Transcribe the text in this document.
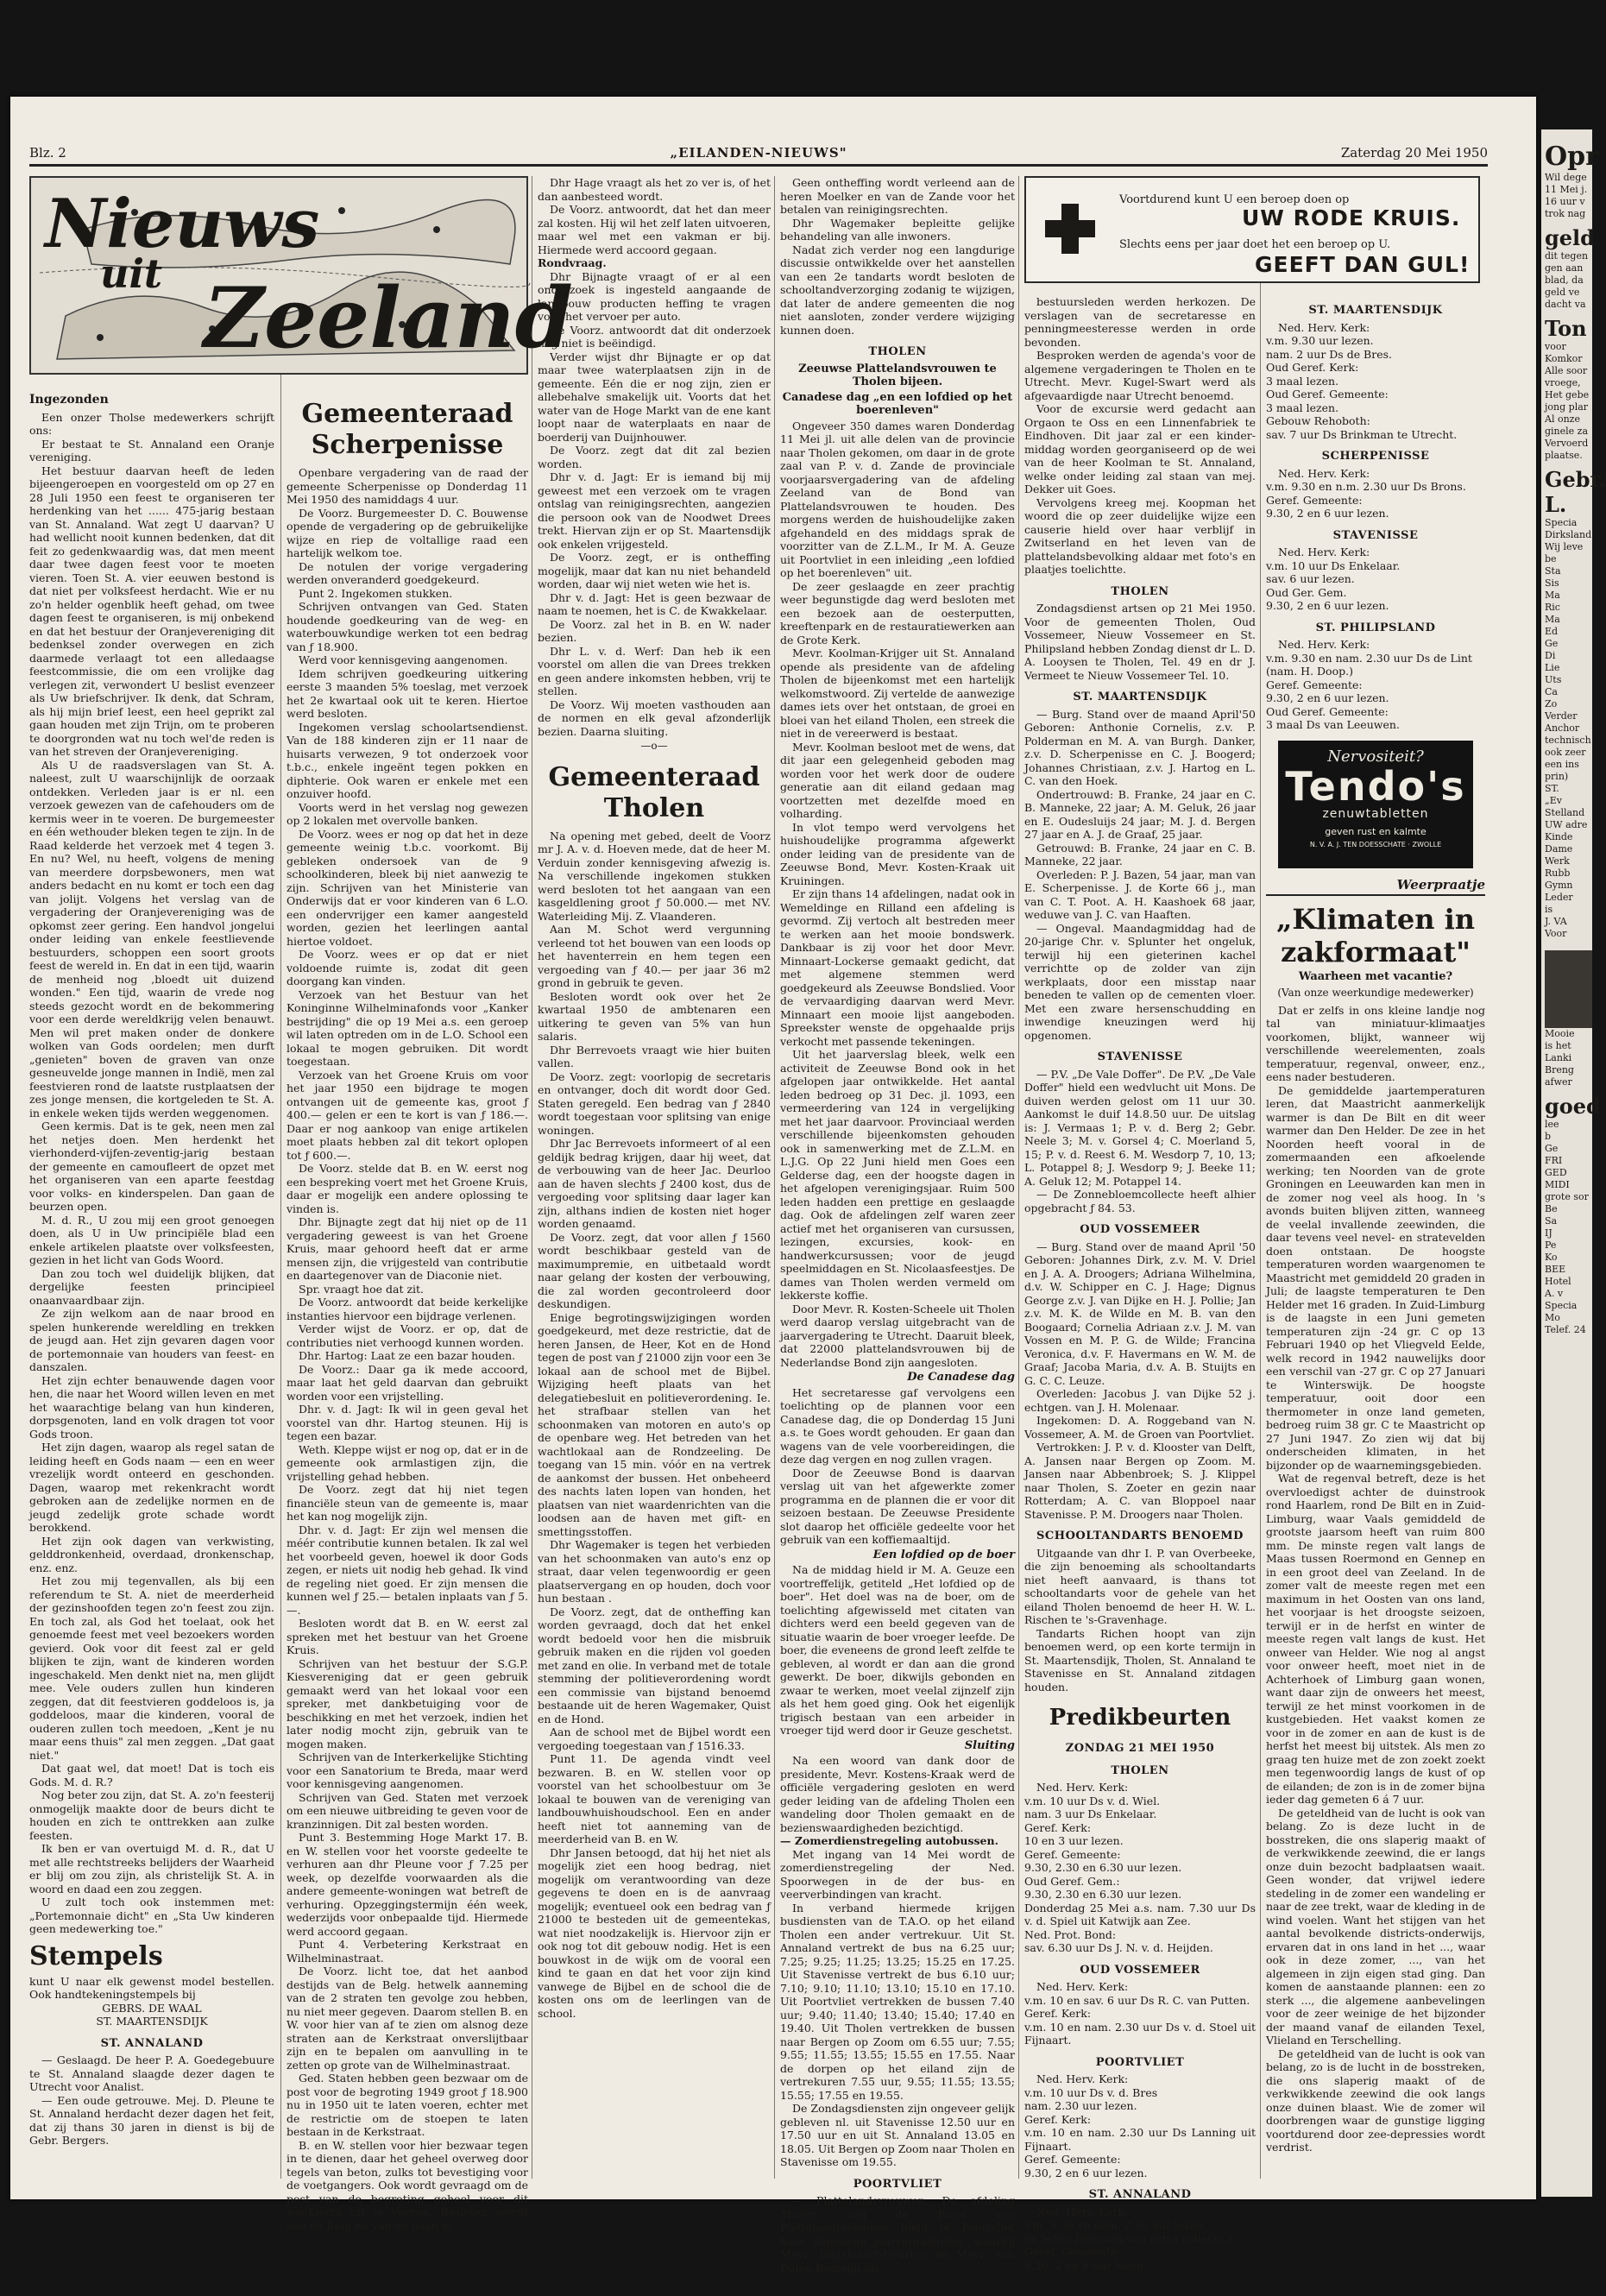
Blz. 2	„EILANDEN-NIEUWS"	Zaterdag 20 Mei 1950
Nieuws
uit Zeeland
Ingezonden

Een onzer Tholse medewerkers schrijft ons:

Er bestaat te St. Annaland een Oranje vereniging.

Het bestuur daarvan heeft de leden bijeengeroepen en voorgesteld om op 27 en 28 Juli 1950 een feest te organiseren ter herdenking van het ...... 475-jarig bestaan van St. Annaland. Wat zegt U daarvan? U had wellicht nooit kunnen bedenken, dat dit feit zo gedenkwaardig was, dat men meent daar twee dagen feest voor te moeten vieren. Toen St. A. vier eeuwen bestond is dat niet per volksfeest herdacht. Wie er nu zo'n helder ogenblik heeft gehad, om twee dagen feest te organiseren, is mij onbekend en dat het bestuur der Oranjevereniging dit bedenksel zonder overwegen en zich daarmede verlaagt tot een alledaagse feestcommissie, die om een vrolijke dag verlegen zit, verwondert U beslist evenzeer als Uw briefschrijver. Ik denk, dat Schram, als hij mijn brief leest, een heel geprikt zal gaan houden met zijn Trijn, om te proberen te doorgronden wat nu toch wel'de reden is van het streven der Oranjevereniging.

Als U de raadsverslagen van St. A. naleest, zult U waarschijnlijk de oorzaak ontdekken. Verleden jaar is er nl. een verzoek gewezen van de cafehouders om de kermis weer in te voeren. De burgemeester en één wethouder bleken tegen te zijn. In de Raad kelderde het verzoek met 4 tegen 3. En nu? Wel, nu heeft, volgens de mening van meerdere dorpsbewoners, men wat anders bedacht en nu komt er toch een dag van jolijt. Volgens het verslag van de vergadering der Oranjevereniging was de opkomst zeer gering. Een handvol jongelui onder leiding van enkele feestlievende bestuurders, schoppen een soort groots feest de wereld in. En dat in een tijd, waarin de menheid nog ,bloedt uit duizend wonden." Een tijd, waarin de vrede nog steeds gezocht wordt en de bekommering voor een derde wereldkrijg velen benauwt. Men wil pret maken onder de donkere wolken van Gods oordelen; men durft „genieten" boven de graven van onze gesneuvelde jonge mannen in Indië, men zal feestvieren rond de laatste rustplaatsen der zes jonge mensen, die kortgeleden te St. A. in enkele weken tijds werden weggenomen.

Geen kermis. Dat is te gek, neen men zal het netjes doen. Men herdenkt het vierhonderd-vijfen-zeventig-jarig bestaan der gemeente en camoufleert de opzet met het organiseren van een aparte feestdag voor volks- en kinderspelen. Dan gaan de beurzen open.

M. d. R., U zou mij een groot genoegen doen, als U in Uw principiële blad een enkele artikelen plaatste over volksfeesten, gezien in het licht van Gods Woord.

Dan zou toch wel duidelijk blijken, dat dergelijke feesten principieel onaanvaardbaar zijn.

Ze zijn welkom aan de naar brood en spelen hunkerende wereldling en trekken de jeugd aan. Het zijn gevaren dagen voor de portemonnaie van houders van feest- en danszalen.

Het zijn echter benauwende dagen voor hen, die naar het Woord willen leven en met het waarachtige belang van hun kinderen, dorpsgenoten, land en volk dragen tot voor Gods troon.

Het zijn dagen, waarop als regel satan de leiding heeft en Gods naam — een en weer vrezelijk wordt onteerd en geschonden. Dagen, waarop met rekenkracht wordt gebroken aan de zedelijke normen en de jeugd zedelijk grote schade wordt berokkend.

Het zijn ook dagen van verkwisting, gelddronkenheid, overdaad, dronkenschap, enz. enz.

Het zou mij tegenvallen, als bij een referendum te St. A. niet de meerderheid der gezinshoofden tegen zo'n feest zou zijn. En toch zal, als God het toelaat, ook het genoemde feest met veel bezoekers worden gevierd. Ook voor dit feest zal er geld blijken te zijn, want de kinderen worden ingeschakeld. Men denkt niet na, men glijdt mee. Vele ouders zullen hun kinderen zeggen, dat dit feestvieren goddeloos is, ja goddeloos, maar die kinderen, vooral de ouderen zullen toch meedoen, „Kent je nu maar eens thuis" zal men zeggen. „Dat gaat niet."

Dat gaat wel, dat moet! Dat is toch eis Gods. M. d. R.?

Nog beter zou zijn, dat St. A. zo'n feesterij onmogelijk maakte door de beurs dicht te houden en zich te onttrekken aan zulke feesten.

Ik ben er van overtuigd M. d. R., dat U met alle rechtstreeks belijders der Waarheid er blij om zou zijn, als christelijk St. A. in woord en daad een zou zeggen.

U zult toch ook instemmen met: „Portemonnaie dicht" en „Sta Uw kinderen geen medewerking toe."

Stempels

kunt U naar elk gewenst model bestellen. Ook handtekeningstempels bij

GEBRS. DE WAAL

ST. MAARTENSDIJK

ST. ANNALAND

— Geslaagd. De heer P. A. Goedegebuure te St. Annaland slaagde dezer dagen te Utrecht voor Analist.

— Een oude getrouwe. Mej. D. Pleune te St. Annaland herdacht dezer dagen het feit, dat zij thans 30 jaren in dienst is bij de Gebr. Bergers.

Gemeenteraad Scherpenisse

Openbare vergadering van de raad der gemeente Scherpenisse op Donderdag 11 Mei 1950 des namiddags 4 uur.

De Voorz. Burgemeester D. C. Bouwense opende de vergadering op de gebruikelijke wijze en riep de voltallige raad een hartelijk welkom toe.

De notulen der vorige vergadering werden onveranderd goedgekeurd.

Punt 2. Ingekomen stukken.

Schrijven ontvangen van Ged. Staten houdende goedkeuring van de weg- en waterbouwkundige werken tot een bedrag van ƒ 18.900.

Werd voor kennisgeving aangenomen.

Idem schrijven goedkeuring uitkering eerste 3 maanden 5% toeslag, met verzoek het 2e kwartaal ook uit te keren. Hiertoe werd besloten.

Ingekomen verslag schoolartsendienst. Van de 188 kinderen zijn er 11 naar de huisarts verwezen, 9 tot onderzoek voor t.b.c., enkele ingeënt tegen pokken en diphterie. Ook waren er enkele met een onzuiver hoofd.

Voorts werd in het verslag nog gewezen op 2 lokalen met overvolle banken.

De Voorz. wees er nog op dat het in deze gemeente weinig t.b.c. voorkomt. Bij gebleken ondersoek van de 9 schoolkinderen, bleek bij niet aanwezig te zijn. Schrijven van het Ministerie van Onderwijs dat er voor kinderen van 6 L.O. een ondervrijger een kamer aangesteld worden, gezien het leerlingen aantal hiertoe voldoet.

De Voorz. wees er op dat er niet voldoende ruimte is, zodat dit geen doorgang kan vinden.

Verzoek van het Bestuur van het Koninginne Wilhelminafonds voor „Kanker bestrijding" die op 19 Mei a.s. een geroep wil laten optreden om in de L.O. School een lokaal te mogen gebruiken. Dit wordt toegestaan.

Verzoek van het Groene Kruis om voor het jaar 1950 een bijdrage te mogen ontvangen uit de gemeente kas, groot ƒ 400.— gelen er een te kort is van ƒ 186.—. Daar er nog aankoop van enige artikelen moet plaats hebben zal dit tekort oplopen tot ƒ 600.—.

De Voorz. stelde dat B. en W. eerst nog een bespreking voert met het Groene Kruis, daar er mogelijk een andere oplossing te vinden is.

Dhr. Bijnagte zegt dat hij niet op de 11 vergadering geweest is van het Groene Kruis, maar gehoord heeft dat er arme mensen zijn, die vrijgesteld van contributie en daartegenover van de Diaconie niet.

Spr. vraagt hoe dat zit.

De Voorz. antwoordt dat beide kerkelijke instanties hiervoor een bijdrage verlenen.

Verder wijst de Voorz. er op, dat de contributies niet verhoogd kunnen worden.

Dhr. Hartog: Laat ze een bazar houden.

De Voorz.: Daar ga ik mede accoord, maar laat het geld daarvan dan gebruikt worden voor een vrijstelling.

Dhr. v. d. Jagt: Ik wil in geen geval het voorstel van dhr. Hartog steunen. Hij is tegen een bazar.

Weth. Kleppe wijst er nog op, dat er in de gemeente ook armlastigen zijn, die vrijstelling gehad hebben.

De Voorz. zegt dat hij niet tegen financiële steun van de gemeente is, maar het kan nog mogelijk zijn.

Dhr. v. d. Jagt: Er zijn wel mensen die méér contributie kunnen betalen. Ik zal wel het voorbeeld geven, hoewel ik door Gods zegen, er niets uit nodig heb gehad. Ik vind de regeling niet goed. Er zijn mensen die kunnen wel ƒ 25.— betalen inplaats van ƒ 5.—.

Besloten wordt dat B. en W. eerst zal spreken met het bestuur van het Groene Kruis.

Schrijven van het bestuur der S.G.P. Kiesvereniging dat er geen gebruik gemaakt werd van het lokaal voor een spreker, met dankbetuiging voor de beschikking en met het verzoek, indien het later nodig mocht zijn, gebruik van te mogen maken.

Schrijven van de Interkerkelijke Stichting voor een Sanatorium te Breda, maar werd voor kennisgeving aangenomen.

Schrijven van Ged. Staten met verzoek om een nieuwe uitbreiding te geven voor de kranzinnigen. Dit zal besten worden.

Punt 3. Bestemming Hoge Markt 17. B. en W. stellen voor het voorste gedeelte te verhuren aan dhr Pleune voor ƒ 7.25 per week, op dezelfde voorwaarden als die andere gemeente-woningen wat betreft de verhuring. Opzeggingstermijn één week, wederzijds voor onbepaalde tijd. Hiermede werd accoord gegaan.

Punt 4. Verbetering Kerkstraat en Wilhelminastraat.

De Voorz. licht toe, dat het aanbod destijds van de Belg. hetwelk aanneming van de 2 straten ten gevolge zou hebben, nu niet meer gegeven. Daarom stellen B. en W. voor hier van af te zien om alsnog deze straten aan de Kerkstraat onverslijtbaar zijn en te bepalen om aanvulling in te zetten op grote van de Wilhelminastraat.

Ged. Staten hebben geen bezwaar om de post voor de begroting 1949 groot ƒ 18.900 nu in 1950 uit te laten voeren, echter met de restrictie om de stoepen te laten bestaan in de Kerkstraat.

B. en W. stellen voor hier bezwaar tegen in te dienen, daar het geheel overweg door tegels van beton, zulks tot bevestiging voor de voetgangers. Ook wordt gevraagd om de post van de begroting geheel voor dit weekwerk uit te voeren. Besloten wordt aan de Belg nu van de baan is.

Dhr Hage vraagt als het zo ver is, of het dan aanbesteed wordt.

De Voorz. antwoordt, dat het dan meer zal kosten. Hij wil het zelf laten uitvoeren, maar wel met een vakman er bij. Hiermede werd accoord gegaan.

Rondvraag.

Dhr Bijnagte vraagt of er al een onderzoek is ingesteld aangaande de landbouw producten heffing te vragen voor het vervoer per auto.

De Voorz. antwoordt dat dit onderzoek nog niet is beëindigd.

Verder wijst dhr Bijnagte er op dat maar twee waterplaatsen zijn in de gemeente. Eén die er nog zijn, zien er allebehalve smakelijk uit. Voorts dat het water van de Hoge Markt van de ene kant loopt naar de waterplaats en naar de boerderij van Duijnhouwer.

De Voorz. zegt dat dit zal bezien worden.

Dhr v. d. Jagt: Er is iemand bij mij geweest met een verzoek om te vragen ontslag van reinigingsrechten, aangezien die persoon ook van de Noodwet Drees trekt. Hiervan zijn er op St. Maartensdijk ook enkelen vrijgesteld.

De Voorz. zegt, er is ontheffing mogelijk, maar dat kan nu niet behandeld worden, daar wij niet weten wie het is.

Dhr v. d. Jagt: Het is geen bezwaar de naam te noemen, het is C. de Kwakkelaar.

De Voorz. zal het in B. en W. nader bezien.

Dhr L. v. d. Werf: Dan heb ik een voorstel om allen die van Drees trekken en geen andere inkomsten hebben, vrij te stellen.

De Voorz. Wij moeten vasthouden aan de normen en elk geval afzonderlijk bezien. Daarna sluiting.

—o—
Gemeenteraad Tholen

Na opening met gebed, deelt de Voorz mr J. A. v. d. Hoeven mede, dat de heer M. Verduin zonder kennisgeving afwezig is. Na verschillende ingekomen stukken werd besloten tot het aangaan van een kasgeldlening groot ƒ 50.000.— met NV. Waterleiding Mij. Z. Vlaanderen.

Aan M. Schot werd vergunning verleend tot het bouwen van een loods op het haventerrein en hem tegen een vergoeding van ƒ 40.— per jaar 36 m2 grond in gebruik te geven.

Besloten wordt ook over het 2e kwartaal 1950 de ambtenaren een uitkering te geven van 5% van hun salaris.

Dhr Berrevoets vraagt wie hier buiten vallen.

De Voorz. zegt: voorlopig de secretaris en ontvanger, doch dit wordt door Ged. Staten geregeld. Een bedrag van ƒ 2840 wordt toegestaan voor splitsing van enige woningen.

Dhr Jac Berrevoets informeert of al een geldijk bedrag krijgen, daar hij weet, dat de verbouwing van de heer Jac. Deurloo aan de haven slechts ƒ 2400 kost, dus de vergoeding voor splitsing daar lager kan zijn, althans indien de kosten niet hoger worden genaamd.

De Voorz. zegt, dat voor allen ƒ 1560 wordt beschikbaar gesteld van de maximumpremie, en uitbetaald wordt naar gelang der kosten der verbouwing, die zal worden gecontroleerd door deskundigen.

Enige begrotingswijzigingen worden goedgekeurd, met deze restrictie, dat de heren Jansen, de Heer, Kot en de Hond tegen de post van ƒ 21000 zijn voor een 3e lokaal aan de school met de Bijbel. Wijziging heeft plaats van het delegatiebesluit en politieverordening. Ie. het strafbaar stellen van het schoonmaken van motoren en auto's op de openbare weg. Het betreden van het wachtlokaal aan de Rondzeeling. De toegang van 15 min. vóór en na vertrek de aankomst der bussen. Het onbeheerd des nachts laten lopen van honden, het plaatsen van niet waardenrichten van die loodsen aan de haven met gift- en smettingsstoffen.

Dhr Wagemaker is tegen het verbieden van het schoonmaken van auto's enz op straat, daar velen tegenwoordig er geen plaatservergang en op houden, doch voor hun bestaan .

De Voorz. zegt, dat de ontheffing kan worden gevraagd, doch dat het enkel wordt bedoeld voor hen die misbruik gebruik maken en die rijden vol goeden met zand en olie. In verband met de totale stemming der politieverordening wordt een commissie van bijstand benoemd bestaande uit de heren Wagemaker, Quist en de Hond.

Aan de school met de Bijbel wordt een vergoeding toegestaan van ƒ 1516.33.

Punt 11. De agenda vindt veel bezwaren. B. en W. stellen voor op voorstel van het schoolbestuur om 3e lokaal te bouwen van de vereniging van landbouwhuishoudschool. Een en ander heeft niet tot aanneming van de meerderheid van B. en W.

Dhr Jansen betoogd, dat hij het niet als mogelijk ziet een hoog bedrag, niet mogelijk om verantwoording van deze gegevens te doen en is de aanvraag mogelijk; eventueel ook een bedrag van ƒ 21000 te besteden uit de gemeentekas, wat niet noodzakelijk is. Hiervoor zijn er ook nog tot dit gebouw nodig. Het is een bouwkost in de wijk om de vooral een kind te gaan en dat het voor zijn kind vanwege de Bijbel en de school die de kosten ons om de leerlingen van de school.

Geen ontheffing wordt verleend aan de heren Moelker en van de Zande voor het betalen van reinigingsrechten.

Dhr Wagemaker bepleitte gelijke behandeling van alle inwoners.

Nadat zich verder nog een langdurige discussie ontwikkelde over het aanstellen van een 2e tandarts wordt besloten de schooltandverzorging zodanig te wijzigen, dat later de andere gemeenten die nog niet aansloten, zonder verdere wijziging kunnen doen.

THOLEN
Zeeuwse Plattelandsvrouwen te Tholen bijeen.
Canadese dag „en een lofdied op het boerenleven"

Ongeveer 350 dames waren Donderdag 11 Mei jl. uit alle delen van de provincie naar Tholen gekomen, om daar in de grote zaal van P. v. d. Zande de provinciale voorjaarsvergadering van de afdeling Zeeland van de Bond van Plattelandsvrouwen te houden. Des morgens werden de huishoudelijke zaken afgehandeld en des middags sprak de voorzitter van de Z.L.M., Ir M. A. Geuze uit Poortvliet in een inleiding „een lofdied op het boerenleven" uit.

De zeer geslaagde en zeer prachtig weer begunstigde dag werd besloten met een bezoek aan de oesterputten, kreeftenpark en de restauratiewerken aan de Grote Kerk.

Mevr. Koolman-Krijger uit St. Annaland opende als presidente van de afdeling Tholen de bijeenkomst met een hartelijk welkomstwoord. Zij vertelde de aanwezige dames iets over het ontstaan, de groei en bloei van het eiland Tholen, een streek die niet in de vereerwerd is bestaat.

Mevr. Koolman besloot met de wens, dat dit jaar een gelegenheid geboden mag worden voor het werk door de oudere generatie aan dit eiland gedaan mag voortzetten met dezelfde moed en volharding.

In vlot tempo werd vervolgens het huishoudelijke programma afgewerkt onder leiding van de presidente van de Zeeuwse Bond, Mevr. Kosten-Kraak uit Kruiningen.

Er zijn thans 14 afdelingen, nadat ook in Wemeldinge en Rilland een afdeling is gevormd. Zij vertoch alt bestreden meer te werken aan het mooie bondswerk. Dankbaar is zij voor het door Mevr. Minnaart-Lockerse gemaakt gedicht, dat met algemene stemmen werd goedgekeurd als Zeeuwse Bondslied. Voor de vervaardiging daarvan werd Mevr. Minnaart een mooie lijst aangeboden. Spreekster wenste de opgehaalde prijs verkocht met passende tekeningen.

Uit het jaarverslag bleek, welk een activiteit de Zeeuwse Bond ook in het afgelopen jaar ontwikkelde. Het aantal leden bedroeg op 31 Dec. jl. 1093, een vermeerdering van 124 in vergelijking met het jaar daarvoor. Provinciaal werden verschillende bijeenkomsten gehouden ook in samenwerking met de Z.L.M. en L.J.G. Op 22 Juni hield men Goes een Gelderse dag, een der hoogste dagen in het afgelopen verenigingsjaar. Ruim 500 leden hadden een prettige en geslaagde dag. Ook de afdelingen zelf waren zeer actief met het organiseren van cursussen, lezingen, excursies, kook- en handwerkcursussen; voor de jeugd speelmiddagen en St. Nicolaasfeestjes. De dames van Tholen werden vermeld om lekkerste koffie.

Door Mevr. R. Kosten-Scheele uit Tholen werd daarop verslag uitgebracht van de jaarvergadering te Utrecht. Daaruit bleek, dat 22000 plattelandsvrouwen bij de Nederlandse Bond zijn aangesloten.

De Canadese dag

Het secretaresse gaf vervolgens een toelichting op de plannen voor een Canadese dag, die op Donderdag 15 Juni a.s. te Goes wordt gehouden. Er gaan dan wagens van de vele voorbereidingen, die deze dag vergen en nog zullen vragen.

Door de Zeeuwse Bond is daarvan verslag uit van het afgewerkte zomer programma en de plannen die er voor dit seizoen bestaan. De Zeeuwse Presidente slot daarop het officiële gedeelte voor het gebruik van een koffiemaaltijd.

Een lofdied op de boer

Na de middag hield ir M. A. Geuze een voortreffelijk, getiteld „Het lofdied op de boer". Het doel was na de boer, om de toelichting afgewisseld met citaten van dichters werd een beeld gegeven van de situatie waarin de boer vroeger leefde. De boer, die eveneens de grond leeft zelfde te gebleven, al wordt er dan aan die grond gewerkt. De boer, dikwijls gebonden en zwaar te werken, moet veelal zijnzelf zijn als het hem goed ging. Ook het eigenlijk trigisch bestaan van een arbeider in vroeger tijd werd door ir Geuze geschetst.

Sluiting

Na een woord van dank door de presidente, Mevr. Kostens-Kraak werd de officiële vergadering gesloten en werd geder leiding van de afdeling Tholen een wandeling door Tholen gemaakt en de bezienswaardigheden bezichtigd.

— Zomerdienstregeling autobussen.

Met ingang van 14 Mei wordt de zomerdienstregeling der Ned. Spoorwegen in de der bus- en veerverbindingen van kracht.

In verband hiermede krijgen busdiensten van de T.A.O. op het eiland Tholen een ander vertrekuur. Uit St. Annaland vertrekt de bus na 6.25 uur; 7.25; 9.25; 11.25; 13.25; 15.25 en 17.25. Uit Stavenisse vertrekt de bus 6.10 uur; 7.10; 9.10; 11.10; 13.10; 15.10 en 17.10. Uit Poortvliet vertrekken de bussen 7.40 uur; 9.40; 11.40; 13.40; 15.40; 17.40 en 19.40. Uit Tholen vertrekken de bussen naar Bergen op Zoom om 6.55 uur; 7.55; 9.55; 11.55; 13.55; 15.55 en 17.55. Naar de dorpen op het eiland zijn de vertrekuren 7.55 uur, 9.55; 11.55; 13.55; 15.55; 17.55 en 19.55.

De Zondagsdiensten zijn ongeveer gelijk gebleven nl. uit Stavenisse 12.50 uur en 17.50 uur en uit St. Annaland 13.05 en 18.05. Uit Bergen op Zoom naar Tholen en Stavenisse om 19.55.

POORTVLIET

— Plattelandsvrouwen. De afdeling Tholen van de Bond van Plattelandsvrouwen hield te Poortvliet haar algemene jaarvergadering, waarbij Mevr. Engelvaart-Deurloo en Mevr. van Dalen-Romeijn als

Voortdurend kunt U een beroep doen op
UW RODE KRUIS.
Slechts eens per jaar doet het een beroep op U.
GEEFT DAN GUL!

bestuursleden werden herkozen. De verslagen van de secretaresse en penningmeesteresse werden in orde bevonden.

Besproken werden de agenda's voor de algemene vergaderingen te Tholen en te Utrecht. Mevr. Kugel-Swart werd als afgevaardigde naar Utrecht benoemd.

Voor de excursie werd gedacht aan Orgaon te Oss en een Linnenfabriek te Eindhoven. Dit jaar zal er een kinder-middag worden georganiseerd op de wei van de heer Koolman te St. Annaland, welke onder leiding zal staan van mej. Dekker uit Goes.

Vervolgens kreeg mej. Koopman het woord die op zeer duidelijke wijze een causerie hield over haar verblijf in Zwitserland en het leven van de plattelandsbevolking aldaar met foto's en plaatjes toelichtte.

THOLEN

Zondagsdienst artsen op 21 Mei 1950. Voor de gemeenten Tholen, Oud Vossemeer, Nieuw Vossemeer en St. Philipsland hebben Zondag dienst dr L. D. A. Looysen te Tholen, Tel. 49 en dr J. Vermeet te Nieuw Vossemeer Tel. 10.

ST. MAARTENSDIJK

— Burg. Stand over de maand April'50 Geboren: Anthonie Cornelis, z.v. P. Polderman en M. A. van Burgh. Danker, z.v. D. Scherpenisse en C. J. Boogerd; Johannes Christiaan, z.v. J. Hartog en L. C. van den Hoek.

Ondertrouwd: B. Franke, 24 jaar en C. B. Manneke, 22 jaar; A. M. Geluk, 26 jaar en E. Oudesluijs 24 jaar; M. J. d. Bergen 27 jaar en A. J. de Graaf, 25 jaar.

Getrouwd: B. Franke, 24 jaar en C. B. Manneke, 22 jaar.

Overleden: P. J. Bazen, 54 jaar, man van E. Scherpenisse. J. de Korte 66 j., man van C. T. Poot. A. H. Kaashoek 68 jaar, weduwe van J. C. van Haaften.

— Ongeval. Maandagmiddag had de 20-jarige Chr. v. Splunter het ongeluk, terwijl hij een gieterinen kachel verrichtte op de zolder van zijn werkplaats, door een misstap naar beneden te vallen op de cementen vloer. Met een zware hersenschudding en inwendige kneuzingen werd hij opgenomen.

STAVENISSE

— P.V. „De Vale Doffer". De P.V. „De Vale Doffer" hield een wedvlucht uit Mons. De duiven werden gelost om 11 uur 30. Aankomst le duif 14.8.50 uur. De uitslag is: J. Vermaas 1; P. v. d. Berg 2; Gebr. Neele 3; M. v. Gorsel 4; C. Moerland 5, 15; P. v. d. Reest 6. M. Wesdorp 7, 10, 13; L. Potappel 8; J. Wesdorp 9; J. Beeke 11; A. Geluk 12; M. Potappel 14.

— De Zonnebloemcollecte heeft alhier opgebracht ƒ 84. 53.

OUD VOSSEMEER

— Burg. Stand over de maand April '50 Geboren: Johannes Dirk, z.v. M. V. Driel en J. A. A. Droogers; Adriana Wilhelmina, d.v. W. Schipper en C. J. Hage; Dignus George z.v. J. van Dijke en H. J. Pollie; Jan z.v. M. K. de Wilde en M. B. van den Boogaard; Cornelia Adriaan z.v. J. M. van Vossen en M. P. G. de Wilde; Francina Veronica, d.v. F. Havermans en W. M. de Graaf; Jacoba Maria, d.v. A. B. Stuijts en G. C. C. Leuze.

Overleden: Jacobus J. van Dijke 52 j. echtgen. van J. H. Molenaar.

Ingekomen: D. A. Roggeband van N. Vossemeer, A. M. de Groen van Poortvliet.

Vertrokken: J. P. v. d. Klooster van Delft, A. Jansen naar Bergen op Zoom. M. Jansen naar Abbenbroek; S. J. Klippel naar Tholen, S. Zoeter en gezin naar Rotterdam; A. C. van Bloppoel naar Stavenisse. P. M. Droogers naar Tholen.

SCHOOLTANDARTS BENOEMD

Uitgaande van dhr I. P. van Overbeeke, die zijn benoeming als schooltandarts niet heeft aanvaard, is thans tot schooltandarts voor de gehele van het eiland Tholen benoemd de heer H. W. L. Rischen te 's-Gravenhage.

Tandarts Richen hoopt van zijn benoemen werd, op een korte termijn in St. Maartensdijk, Tholen, St. Annaland te Stavenisse en St. Annaland zitdagen houden.

Predikbeurten
ZONDAG 21 MEI 1950
THOLEN

Ned. Herv. Kerk:
v.m. 10 uur Ds v. d. Wiel.
nam. 3 uur Ds Enkelaar.
Geref. Kerk:
10 en 3 uur lezen.
Geref. Gemeente:
9.30, 2.30 en 6.30 uur lezen.
Oud Geref. Gem.:
9.30, 2.30 en 6.30 uur lezen.
Donderdag 25 Mei a.s. nam. 7.30 uur Ds v. d. Spiel uit Katwijk aan Zee.
Ned. Prot. Bond:
sav. 6.30 uur Ds J. N. v. d. Heijden.

OUD VOSSEMEER

Ned. Herv. Kerk:
v.m. 10 en sav. 6 uur Ds R. C. van Putten.
Geref. Kerk:
v.m. 10 en nam. 2.30 uur Ds v. d. Stoel uit Fijnaart.

POORTVLIET

Ned. Herv. Kerk:
v.m. 10 uur Ds v. d. Bres
nam. 2.30 uur lezen.
Geref. Kerk:
v.m. 10 en nam. 2.30 uur Ds Lanning uit Fijnaart.
Geref. Gemeente:
9.30, 2 en 6 uur lezen.

ST. ANNALAND

Ned. Herv. Kerk:
v.m. 9.30 en nam. 2.30 uur lezen.
de leden Diensten van extra collecte.)
Geref. Gemeente:
9.30, 2 en 6 uur lezen.

ST. MAARTENSDIJK

Ned. Herv. Kerk:
v.m. 9.30 uur lezen.
nam. 2 uur Ds de Bres.
Oud Geref. Kerk:
3 maal lezen.
Oud Geref. Gemeente:
3 maal lezen.
Gebouw Rehoboth:
sav. 7 uur Ds Brinkman te Utrecht.

SCHERPENISSE

Ned. Herv. Kerk:
v.m. 9.30 en n.m. 2.30 uur Ds Brons.
Geref. Gemeente:
9.30, 2 en 6 uur lezen.

STAVENISSE

Ned. Herv. Kerk:
v.m. 10 uur Ds Enkelaar.
sav. 6 uur lezen.
Oud Ger. Gem.
9.30, 2 en 6 uur lezen.

ST. PHILIPSLAND

Ned. Herv. Kerk:
v.m. 9.30 en nam. 2.30 uur Ds de Lint
(nam. H. Doop.)
Geref. Gemeente:
9.30, 2 en 6 uur lezen.
Oud Geref. Gemeente:
3 maal Ds van Leeuwen.

Nervositeit?
Tendo's
zenuwtabletten
geven rust en kalmte
N. V. A. J. TEN DOESSCHATE · ZWOLLE
Weerpraatje
„Klimaten in zakformaat"
Waarheen met vacantie?
(Van onze weerkundige medewerker)

Dat er zelfs in ons kleine landje nog tal van miniatuur-klimaatjes voorkomen, blijkt, wanneer wij verschillende weerelementen, zoals temperatuur, regenval, onweer, enz., eens nader bestuderen.

De gemiddelde jaartemperaturen leren, dat Maastricht aanmerkelijk warmer is dan De Bilt en dit weer warmer dan Den Helder. De zee in het Noorden heeft vooral in de zomermaanden een afkoelende werking; ten Noorden van de grote Groningen en Leeuwarden kan men in de zomer nog veel als hoog. In 's avonds buiten blijven zitten, wanneeg de veelal invallende zeewinden, die daar tevens veel nevel- en stratevelden doen ontstaan. De hoogste temperaturen worden waargenomen te Maastricht met gemiddeld 20 graden in Juli; de laagste temperaturen te Den Helder met 16 graden. In Zuid-Limburg is de laagste in een Juni gemeten temperaturen zijn -24 gr. C op 13 Februari 1940 op het Vliegveld Eelde, welk record in 1942 nauwelijks door een verschil van -27 gr. C op 27 Januari te Winterswijk. De hoogste temperatuur, ooit door een thermometer in onze land gemeten, bedroeg ruim 38 gr. C te Maastricht op 27 Juni 1947. Zo zien wij dat bij onderscheiden klimaten, in het bijzonder op de waarnemingsgebieden.

Wat de regenval betreft, deze is het overvloedigst achter de duinstrook rond Haarlem, rond De Bilt en in Zuid-Limburg, waar Vaals gemiddeld de grootste jaarsom heeft van ruim 800 mm. De minste regen valt langs de Maas tussen Roermond en Gennep en in een groot deel van Zeeland. In de zomer valt de meeste regen met een maximum in het Oosten van ons land, het voorjaar is het droogste seizoen, terwijl er in de herfst en winter de meeste regen valt langs de kust. Het onweer van Helder. Wie nog al angst voor onweer heeft, moet niet in de Achterhoek of Limburg gaan wonen, want daar zijn de onweers het meest, terwijl ze het minst voorkomen in de kustgebieden. Het vaakst komen ze voor in de zomer en aan de kust is de herfst het meest bij uitstek. Als men zo graag ten huize met de zon zoekt zoekt men tegenwoordig langs de kust of op de eilanden; de zon is in de zomer bijna ieder dag gemeten 6 á 7 uur.

De geteldheid van de lucht is ook van belang. Zo is deze lucht in de bosstreken, die ons slaperig maakt of de verkwikkende zeewind, die er langs onze duin bezocht badplaatsen waait. Geen wonder, dat vrijwel iedere stedeling in de zomer een wandeling er naar de zee trekt, waar de kleding in de wind voelen. Want het stijgen van het aantal bevolkende districts-onderwijs, ervaren dat in ons land in het ..., waar ook in deze zomer, ..., van het algemeen in zijn eigen stad ging. Dan komen de aanstaande plannen: een zo sterk ..., die algemene aanbevelingen voor de zeer weinige de het bijzonder der maand vanaf de eilanden Texel, Vlieland en Terschelling.

De geteldheid van de lucht is ook van belang, zo is de lucht in de bosstreken, die ons slaperig maakt of de verkwikkende zeewind die ook langs onze duinen blaast. Wie de zomer wil doorbrengen waar de gunstige ligging voortdurend door zee-depressies wordt verdrist.

Opr
Wil dege
11 Mei j.
16 uur v
trok nag
geld
dit tegen
gen aan
blad, da
geld ve
dacht va
Ton
voor
Komkor
Alle soor
vroege,
Het gebe
jong plar
Al onze
ginele za
Vervoerd
plaatse.
Gebr. L.
Specia
Dirksland
Wij leve
be
Sta
Sis
Ma
Ric
Ma
Ed
Ge
Di
Lie
Uts
Ca
Zo
Verder
Anchor
technisch
ook zeer
een ins
prin)
ST.
„Ev
Stelland
UW adre
Kinde
Dame
Werk
Rubb
Gymn
Leder
is
J. VA
Voor
Mooie
is het
Lanki
Breng
afwer
goed
lee
b
Ge
FRI
GED
MIDI
grote sor
Be
Sa
IJ
Pe
Ko
BEE
Hotel
A. v
Specia
Mo
Telef. 24
